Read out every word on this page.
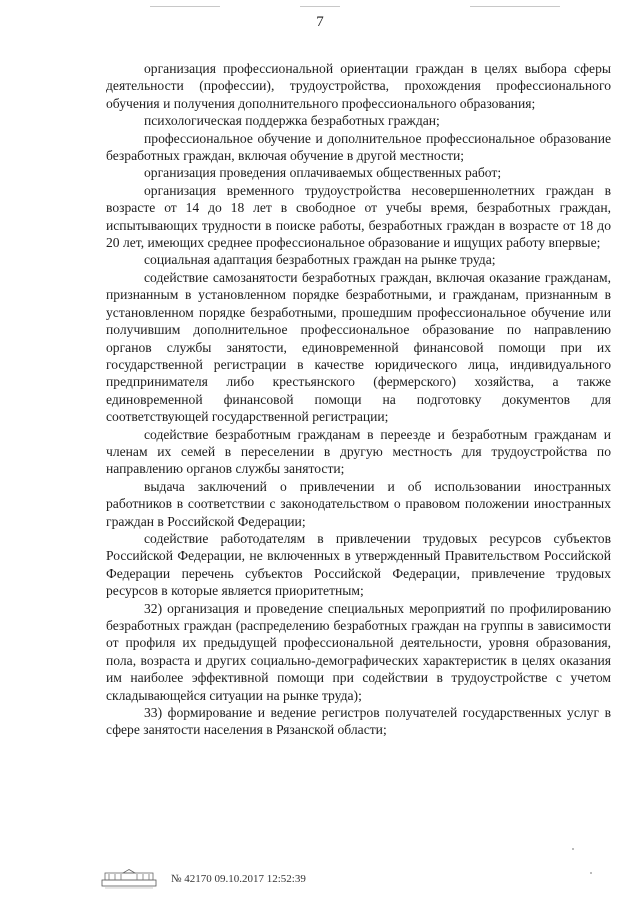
7

организация профессиональной ориентации граждан в целях выбора сферы деятельности (профессии), трудоустройства, прохождения профессионального обучения и получения дополнительного профессионального образования;

психологическая поддержка безработных граждан;

профессиональное обучение и дополнительное профессиональное образование безработных граждан, включая обучение в другой местности;

организация проведения оплачиваемых общественных работ;

организация временного трудоустройства несовершеннолетних граждан в возрасте от 14 до 18 лет в свободное от учебы время, безработных граждан, испытывающих трудности в поиске работы, безработных граждан в возрасте от 18 до 20 лет, имеющих среднее профессиональное образование и ищущих работу впервые;

социальная адаптация безработных граждан на рынке труда;

содействие самозанятости безработных граждан, включая оказание гражданам, признанным в установленном порядке безработными, и гражданам, признанным в установленном порядке безработными, прошедшим профессиональное обучение или получившим дополнительное профессиональное образование по направлению органов службы занятости, единовременной финансовой помощи при их государственной регистрации в качестве юридического лица, индивидуального предпринимателя либо крестьянского (фермерского) хозяйства, а также единовременной финансовой помощи на подготовку документов для соответствующей государственной регистрации;

содействие безработным гражданам в переезде и безработным гражданам и членам их семей в переселении в другую местность для трудоустройства по направлению органов службы занятости;

выдача заключений о привлечении и об использовании иностранных работников в соответствии с законодательством о правовом положении иностранных граждан в Российской Федерации;

содействие работодателям в привлечении трудовых ресурсов субъектов Российской Федерации, не включенных в утвержденный Правительством Российской Федерации перечень субъектов Российской Федерации, привлечение трудовых ресурсов в которые является приоритетным;

32) организация и проведение специальных мероприятий по профилированию безработных граждан (распределению безработных граждан на группы в зависимости от профиля их предыдущей профессиональной деятельности, уровня образования, пола, возраста и других социально-демографических характеристик в целях оказания им наиболее эффективной помощи при содействии в трудоустройстве с учетом складывающейся ситуации на рынке труда);

33) формирование и ведение регистров получателей государственных услуг в сфере занятости населения в Рязанской области;

№ 42170 09.10.2017 12:52:39
